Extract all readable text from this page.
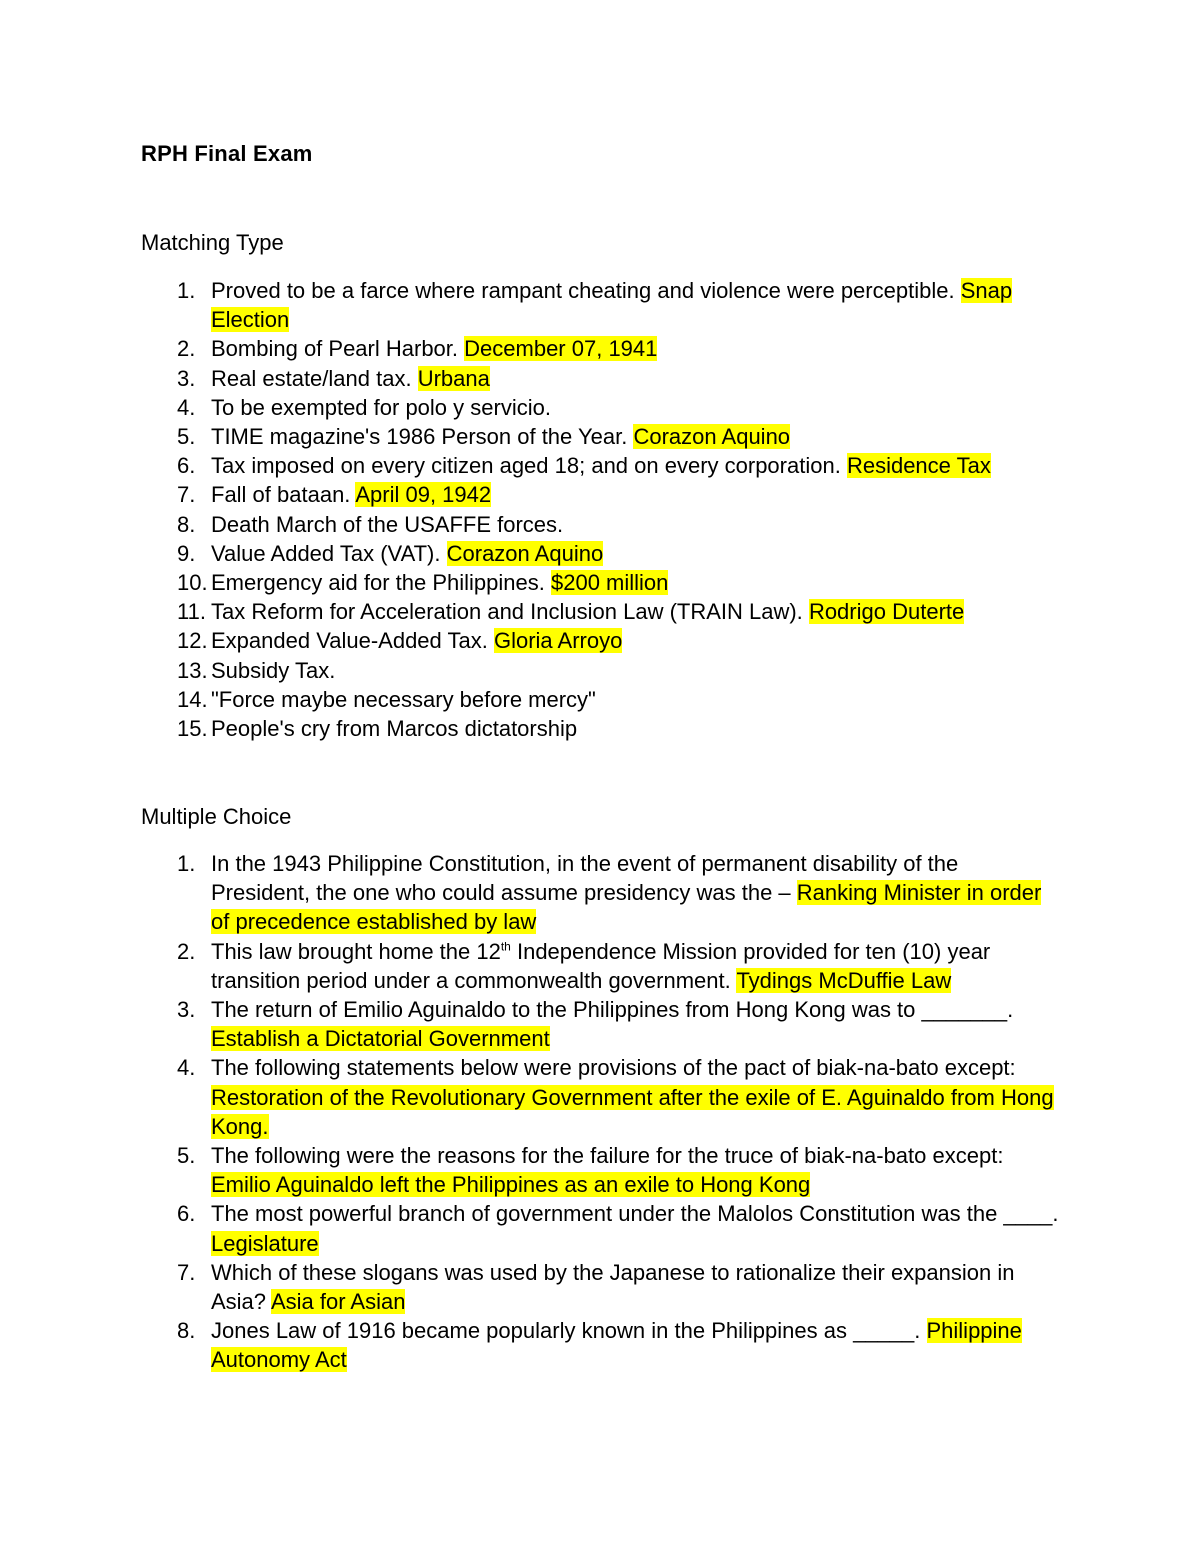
RPH Final Exam
Matching Type
1. Proved to be a farce where rampant cheating and violence were perceptible. Snap Election
2. Bombing of Pearl Harbor. December 07, 1941
3. Real estate/land tax. Urbana
4. To be exempted for polo y servicio.
5. TIME magazine's 1986 Person of the Year. Corazon Aquino
6. Tax imposed on every citizen aged 18; and on every corporation. Residence Tax
7. Fall of bataan. April 09, 1942
8. Death March of the USAFFE forces.
9. Value Added Tax (VAT). Corazon Aquino
10. Emergency aid for the Philippines. $200 million
11. Tax Reform for Acceleration and Inclusion Law (TRAIN Law). Rodrigo Duterte
12. Expanded Value-Added Tax. Gloria Arroyo
13. Subsidy Tax.
14. "Force maybe necessary before mercy"
15. People's cry from Marcos dictatorship
Multiple Choice
1. In the 1943 Philippine Constitution, in the event of permanent disability of the President, the one who could assume presidency was the – Ranking Minister in order of precedence established by law
2. This law brought home the 12th Independence Mission provided for ten (10) year transition period under a commonwealth government. Tydings McDuffie Law
3. The return of Emilio Aguinaldo to the Philippines from Hong Kong was to _______. Establish a Dictatorial Government
4. The following statements below were provisions of the pact of biak-na-bato except: Restoration of the Revolutionary Government after the exile of E. Aguinaldo from Hong Kong.
5. The following were the reasons for the failure for the truce of biak-na-bato except: Emilio Aguinaldo left the Philippines as an exile to Hong Kong
6. The most powerful branch of government under the Malolos Constitution was the ____. Legislature
7. Which of these slogans was used by the Japanese to rationalize their expansion in Asia? Asia for Asian
8. Jones Law of 1916 became popularly known in the Philippines as _____. Philippine Autonomy Act
